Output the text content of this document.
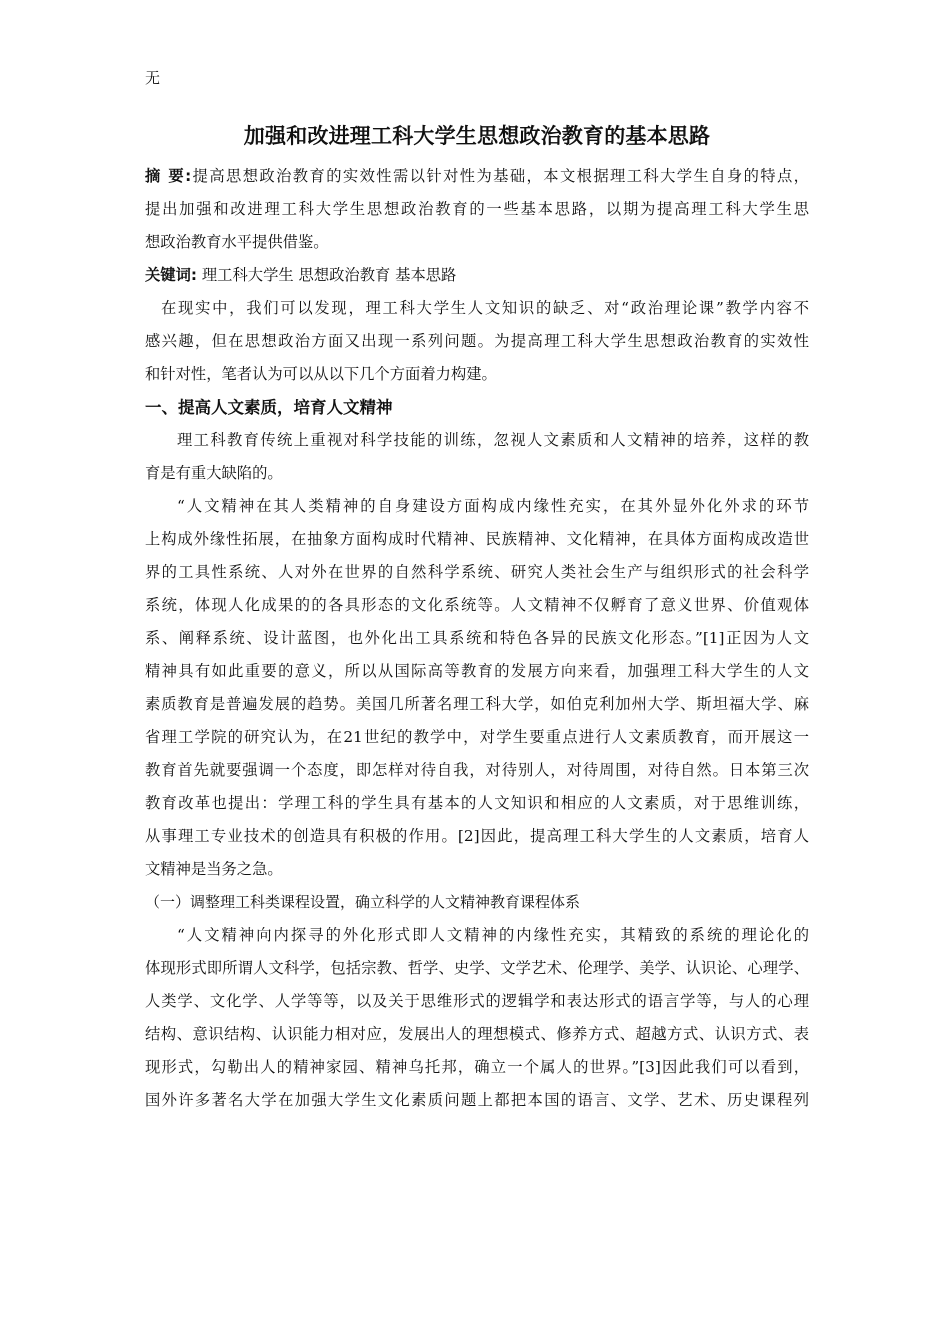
无
加强和改进理工科大学生思想政治教育的基本思路
摘 要:提高思想政治教育的实效性需以针对性为基础，本文根据理工科大学生自身的特点，
提出加强和改进理工科大学生思想政治教育的一些基本思路，以期为提高理工科大学生思
想政治教育水平提供借鉴。
关键词: 理工科大学生 思想政治教育 基本思路
在现实中，我们可以发现，理工科大学生人文知识的缺乏、对“政治理论课”教学内容不
感兴趣，但在思想政治方面又出现一系列问题。为提高理工科大学生思想政治教育的实效性
和针对性，笔者认为可以从以下几个方面着力构建。
一、提高人文素质，培育人文精神
理工科教育传统上重视对科学技能的训练，忽视人文素质和人文精神的培养，这样的教
育是有重大缺陷的。
“人文精神在其人类精神的自身建设方面构成内缘性充实，在其外显外化外求的环节
上构成外缘性拓展，在抽象方面构成时代精神、民族精神、文化精神，在具体方面构成改造世
界的工具性系统、人对外在世界的自然科学系统、研究人类社会生产与组织形式的社会科学
系统，体现人化成果的的各具形态的文化系统等。人文精神不仅孵育了意义世界、价值观体
系、阐释系统、设计蓝图，也外化出工具系统和特色各异的民族文化形态。”[1]正因为人文
精神具有如此重要的意义，所以从国际高等教育的发展方向来看，加强理工科大学生的人文
素质教育是普遍发展的趋势。美国几所著名理工科大学，如伯克利加州大学、斯坦福大学、麻
省理工学院的研究认为，在21世纪的教学中，对学生要重点进行人文素质教育，而开展这一
教育首先就要强调一个态度，即怎样对待自我，对待别人，对待周围，对待自然。日本第三次
教育改革也提出：学理工科的学生具有基本的人文知识和相应的人文素质，对于思维训练，
从事理工专业技术的创造具有积极的作用。[2]因此，提高理工科大学生的人文素质，培育人
文精神是当务之急。
（一）调整理工科类课程设置，确立科学的人文精神教育课程体系
“人文精神向内探寻的外化形式即人文精神的内缘性充实，其精致的系统的理论化的
体现形式即所谓人文科学，包括宗教、哲学、史学、文学艺术、伦理学、美学、认识论、心理学、
人类学、文化学、人学等等，以及关于思维形式的逻辑学和表达形式的语言学等，与人的心理
结构、意识结构、认识能力相对应，发展出人的理想模式、修养方式、超越方式、认识方式、表
现形式，勾勒出人的精神家园、精神乌托邦，确立一个属人的世界。”[3]因此我们可以看到，
国外许多著名大学在加强大学生文化素质问题上都把本国的语言、文学、艺术、历史课程列
